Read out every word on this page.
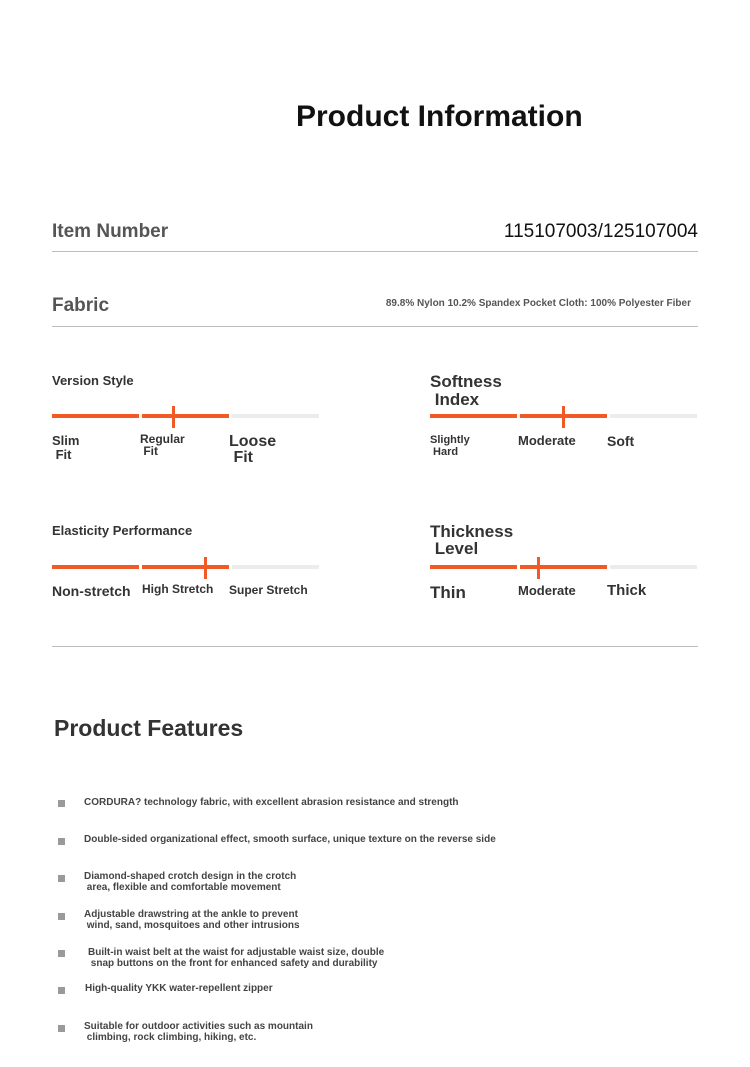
Product Information
Item Number	115107003/125107004
Fabric	89.8% Nylon 10.2% Spandex Pocket Cloth: 100% Polyester Fiber
Version Style
Slim
Fit
Regular
Fit
Loose
Fit
Softness
Index
Slightly
Hard
Moderate Soft
Elasticity Performance
Non-stretch High Stretch Super Stretch
Thickness
Level
Thin	Moderate Thick
Product Features
CORDURA? technology fabric, with excellent abrasion resistance and strength
Double-sided organizational effect, smooth surface, unique texture on the reverse side
Diamond-shaped crotch design in the crotch
area, flexible and comfortable movement
Adjustable drawstring at the ankle to prevent
wind, sand, mosquitoes and other intrusions
Built-in waist belt at the waist for adjustable waist size, double
snap buttons on the front for enhanced safety and durability
High-quality YKK water-repellent zipper
Suitable for outdoor activities such as mountain
climbing, rock climbing, hiking, etc.
